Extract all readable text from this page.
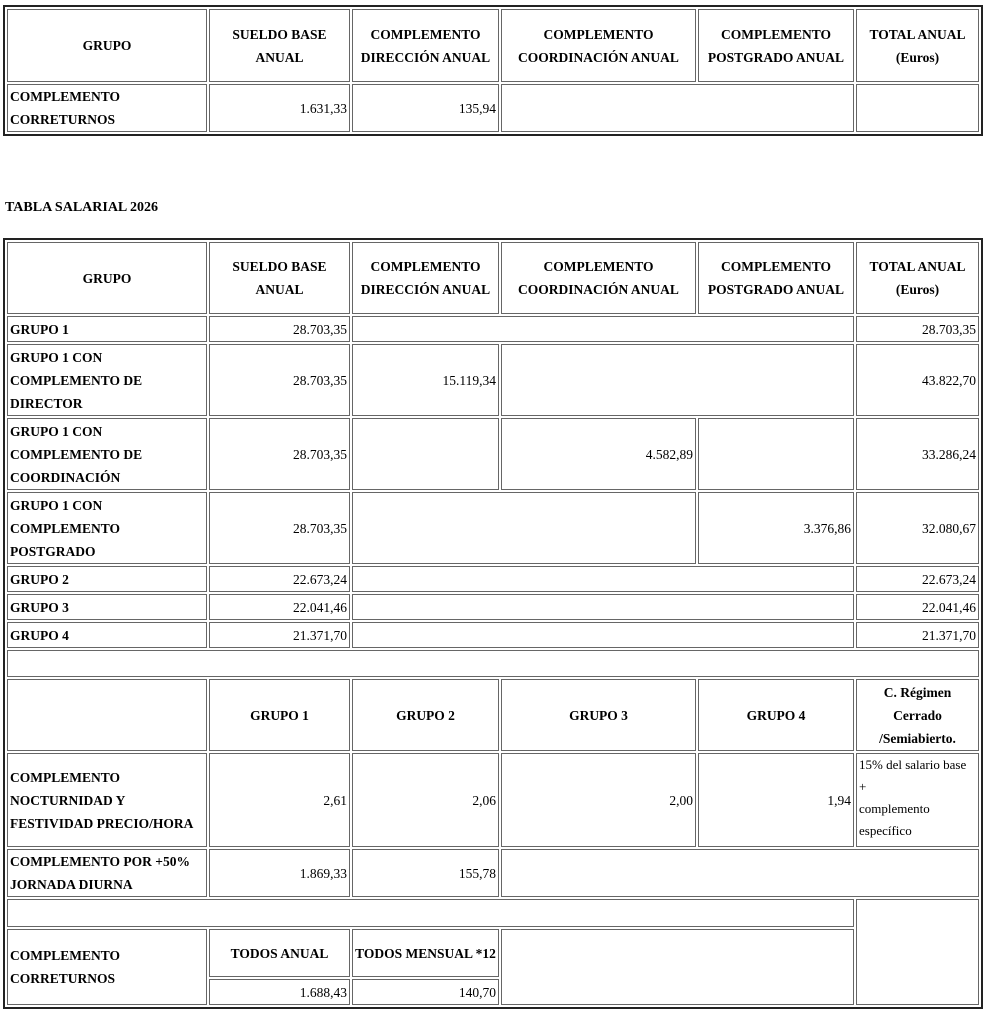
GRUPO	SUELDO BASE ANUAL	COMPLEMENTO DIRECCIÓN ANUAL	COMPLEMENTO COORDINACIÓN ANUAL	COMPLEMENTO POSTGRADO ANUAL	TOTAL ANUAL (Euros)
COMPLEMENTO CORRETURNOS	1.631,33	135,94			
TABLA SALARIAL 2026
GRUPO	SUELDO BASE ANUAL	COMPLEMENTO DIRECCIÓN ANUAL	COMPLEMENTO COORDINACIÓN ANUAL	COMPLEMENTO POSTGRADO ANUAL	TOTAL ANUAL (Euros)
GRUPO 1	28.703,35				28.703,35
GRUPO 1 CON COMPLEMENTO DE DIRECTOR	28.703,35	15.119,34			43.822,70
GRUPO 1 CON COMPLEMENTO DE COORDINACIÓN	28.703,35		4.582,89		33.286,24
GRUPO 1 CON COMPLEMENTO POSTGRADO	28.703,35			3.376,86	32.080,67
GRUPO 2	22.673,24				22.673,24
GRUPO 3	22.041,46				22.041,46
GRUPO 4	21.371,70				21.371,70

	GRUPO 1	GRUPO 2	GRUPO 3	GRUPO 4	C. Régimen Cerrado /Semiabierto.
COMPLEMENTO NOCTURNIDAD Y FESTIVIDAD PRECIO/HORA	2,61	2,06	2,00	1,94	15% del salario base
+
complemento específico

COMPLEMENTO POR +50% JORNADA DIURNA	1.869,33	155,78			

COMPLEMENTO CORRETURNOS	TODOS ANUAL	TODOS MENSUAL *12			
	1.688,43	140,70			
